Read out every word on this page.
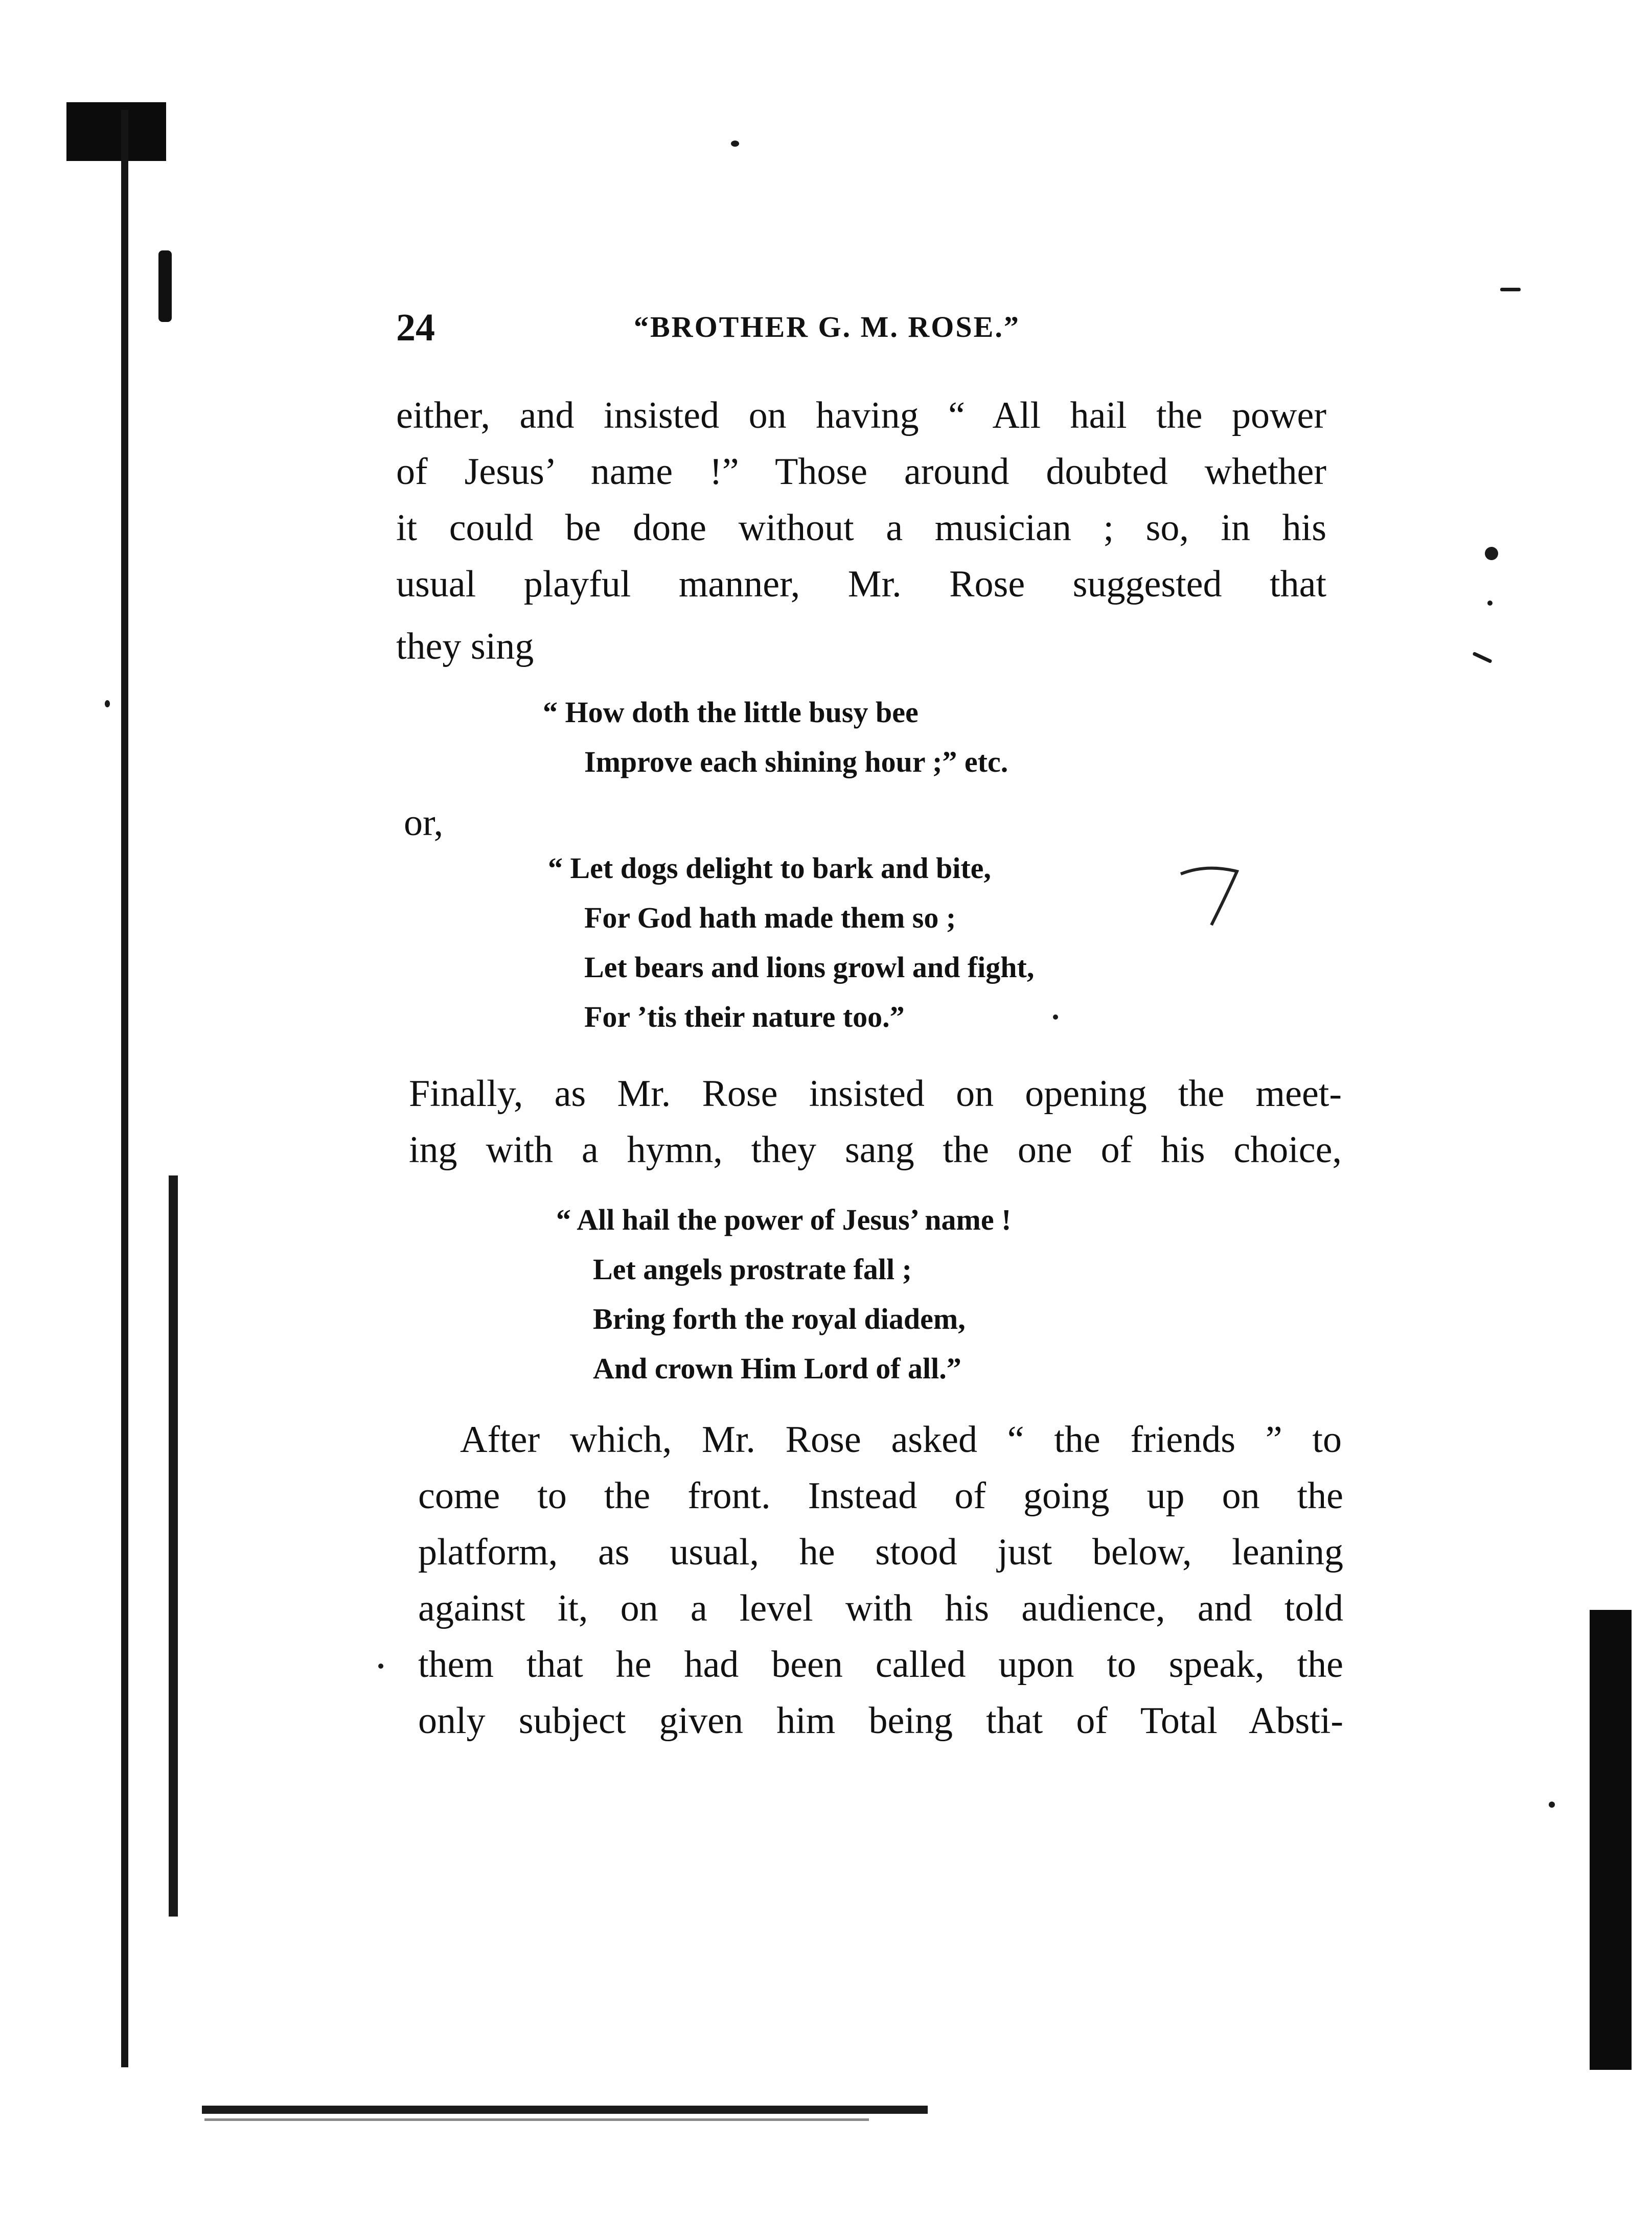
24	“BROTHER G. M. ROSE.”
either, and insisted on having “ All hail the power
of Jesus’ name !” Those around doubted whether
it could be done without a musician ; so, in his
usual playful manner, Mr. Rose suggested that
they sing
“ How doth the little busy bee
Improve each shining hour ;” etc.
or,
“ Let dogs delight to bark and bite,
For God hath made them so ;
Let bears and lions growl and fight,
For ’tis their nature too.”
Finally, as Mr. Rose insisted on opening the meet-
ing with a hymn, they sang the one of his choice,
“ All hail the power of Jesus’ name !
Let angels prostrate fall ;
Bring forth the royal diadem,
And crown Him Lord of all.”
After which, Mr. Rose asked “ the friends ” to
come to the front. Instead of going up on the
platform, as usual, he stood just below, leaning
against it, on a level with his audience, and told
them that he had been called upon to speak, the
only subject given him being that of Total Absti-
